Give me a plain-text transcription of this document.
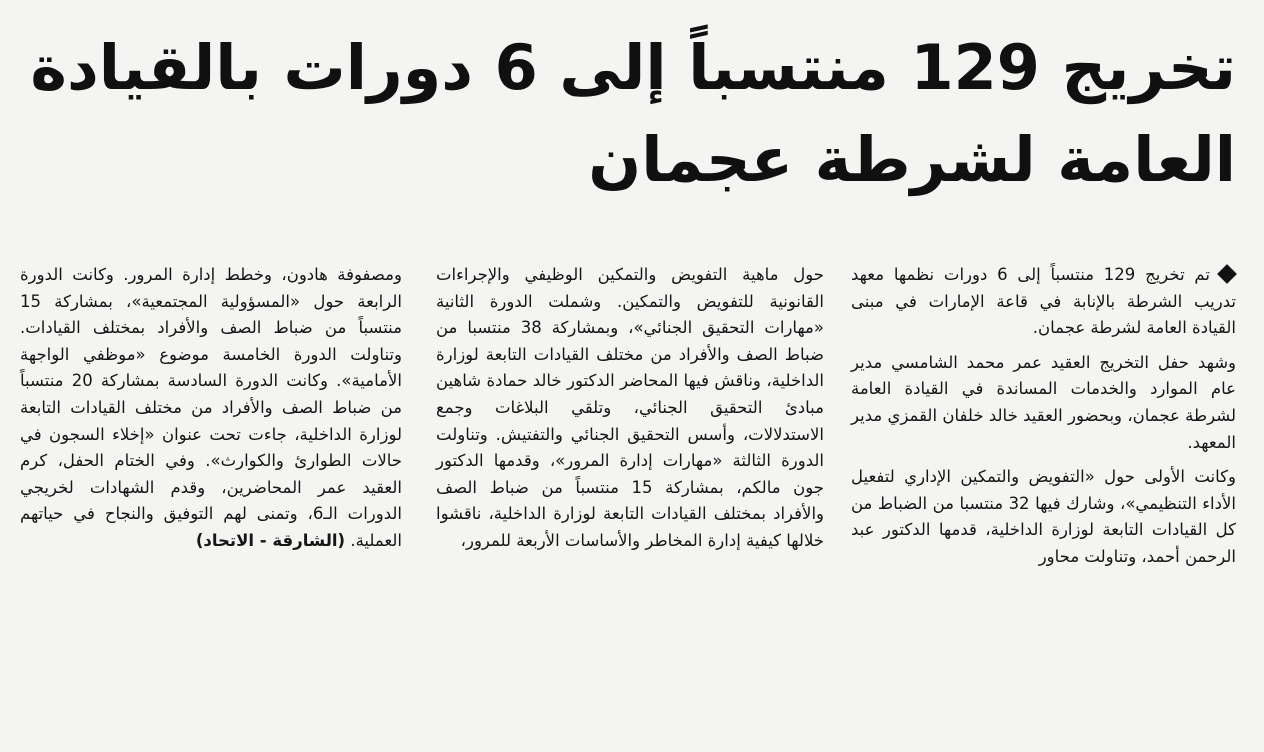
تخريج 129 منتسباً إلى 6 دورات بالقيادة
العامة لشرطة عجمان

تم تخريج 129 منتسباً إلى 6 دورات نظمها معهد تدريب الشرطة بالإنابة في قاعة الإمارات في مبنى القيادة العامة لشرطة عجمان.

وشهد حفل التخريج العقيد عمر محمد الشامسي مدير عام الموارد والخدمات المساندة في القيادة العامة لشرطة عجمان، وبحضور العقيد خالد خلفان القمزي مدير المعهد.

وكانت الأولى حول «التفويض والتمكين الإداري لتفعيل الأداء التنظيمي»، وشارك فيها 32 منتسبا من الضباط من كل القيادات التابعة لوزارة الداخلية، قدمها الدكتور عبد الرحمن أحمد، وتناولت محاور

حول ماهية التفويض والتمكين الوظيفي والإجراءات القانونية للتفويض والتمكين. وشملت الدورة الثانية «مهارات التحقيق الجنائي»، وبمشاركة 38 منتسبا من ضباط الصف والأفراد من مختلف القيادات التابعة لوزارة الداخلية، وناقش فيها المحاضر الدكتور خالد حمادة شاهين مبادئ التحقيق الجنائي، وتلقي البلاغات وجمع الاستدلالات، وأسس التحقيق الجنائي والتفتيش. وتناولت الدورة الثالثة «مهارات إدارة المرور»، وقدمها الدكتور جون مالكم، بمشاركة 15 منتسباً من ضباط الصف والأفراد بمختلف القيادات التابعة لوزارة الداخلية، ناقشوا خلالها كيفية إدارة المخاطر والأساسات الأربعة للمرور،

ومصفوفة هادون، وخطط إدارة المرور. وكانت الدورة الرابعة حول «المسؤولية المجتمعية»، بمشاركة 15 منتسباً من ضباط الصف والأفراد بمختلف القيادات. وتناولت الدورة الخامسة موضوع «موظفي الواجهة الأمامية». وكانت الدورة السادسة بمشاركة 20 منتسباً من ضباط الصف والأفراد من مختلف القيادات التابعة لوزارة الداخلية، جاءت تحت عنوان «إخلاء السجون في حالات الطوارئ والكوارث». وفي الختام الحفل، كرم العقيد عمر المحاضرين، وقدم الشهادات لخريجي الدورات الـ6، وتمنى لهم التوفيق والنجاح في حياتهم العملية. (الشارقة - الاتحاد)
